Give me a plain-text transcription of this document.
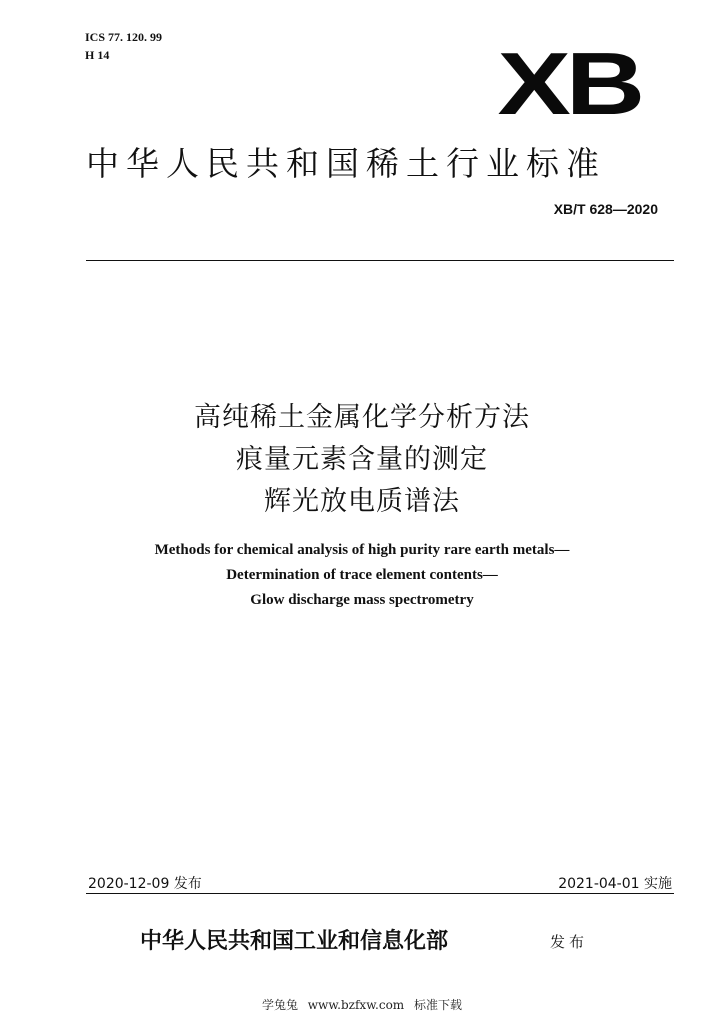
ICS 77. 120. 99
H 14	XB
中华人民共和国稀土行业标准
XB/T 628—2020
高纯稀土金属化学分析方法
痕量元素含量的测定
辉光放电质谱法
Methods for chemical analysis of high purity rare earth metals—
Determination of trace element contents—
Glow discharge mass spectrometry
2020-12-09 发布	2021-04-01 实施
中华人民共和国工业和信息化部	发布
学兔兔 www.bzfxw.com 标准下载
